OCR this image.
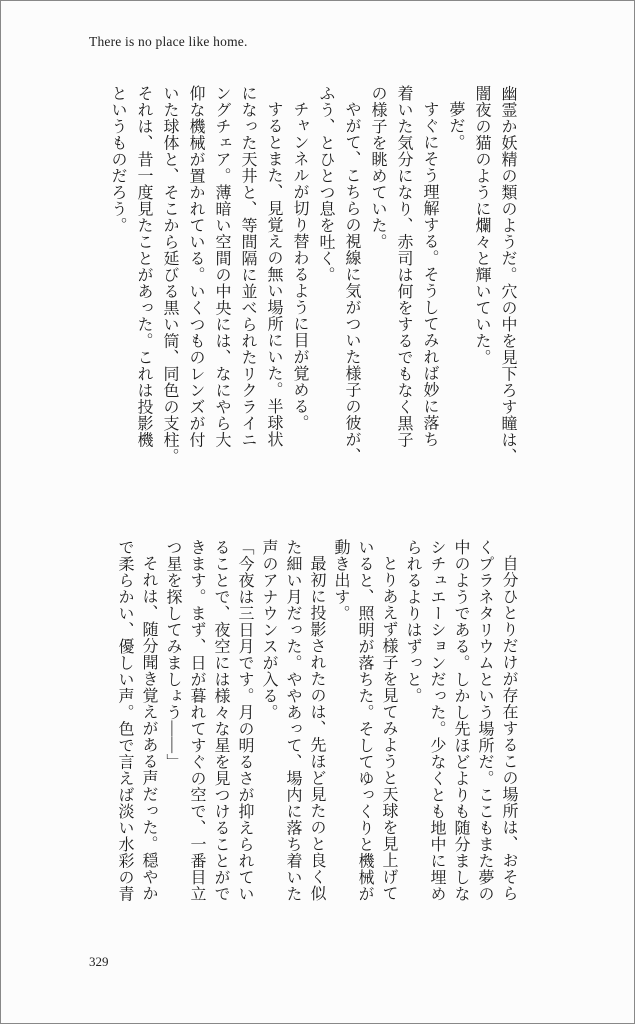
There is no place like home.

幽霊か妖精の類のようだ。穴の中を見下ろす瞳は、

闇夜の猫のように爛々と輝いていた。

夢だ。

すぐにそう理解する。そうしてみれば妙に落ち

着いた気分になり、赤司は何をするでもなく黒子

の様子を眺めていた。

やがて、こちらの視線に気がついた様子の彼が、

ふう、とひとつ息を吐く。

チャンネルが切り替わるように目が覚める。

するとまた、見覚えの無い場所にいた。半球状

になった天井と、等間隔に並べられたリクライニ

ングチェア。薄暗い空間の中央には、なにやら大

仰な機械が置かれている。いくつものレンズが付

いた球体と、そこから延びる黒い筒、同色の支柱。

それは、昔一度見たことがあった。これは投影機

というものだろう。

自分ひとりだけが存在するこの場所は、おそら

くプラネタリウムという場所だ。ここもまた夢の

中のようである。しかし先ほどよりも随分ましな

シチュエーションだった。少なくとも地中に埋め

られるよりはずっと。

とりあえず様子を見てみようと天球を見上げて

いると、照明が落ちた。そしてゆっくりと機械が

動き出す。

最初に投影されたのは、先ほど見たのと良く似

た細い月だった。ややあって、場内に落ち着いた

声のアナウンスが入る。

「今夜は三日月です。月の明るさが抑えられてい

ることで、夜空には様々な星を見つけることがで

きます。まず、日が暮れてすぐの空で、一番目立

つ星を探してみましょう——」

それは、随分聞き覚えがある声だった。穏やか

で柔らかい、優しい声。色で言えば淡い水彩の青

329
